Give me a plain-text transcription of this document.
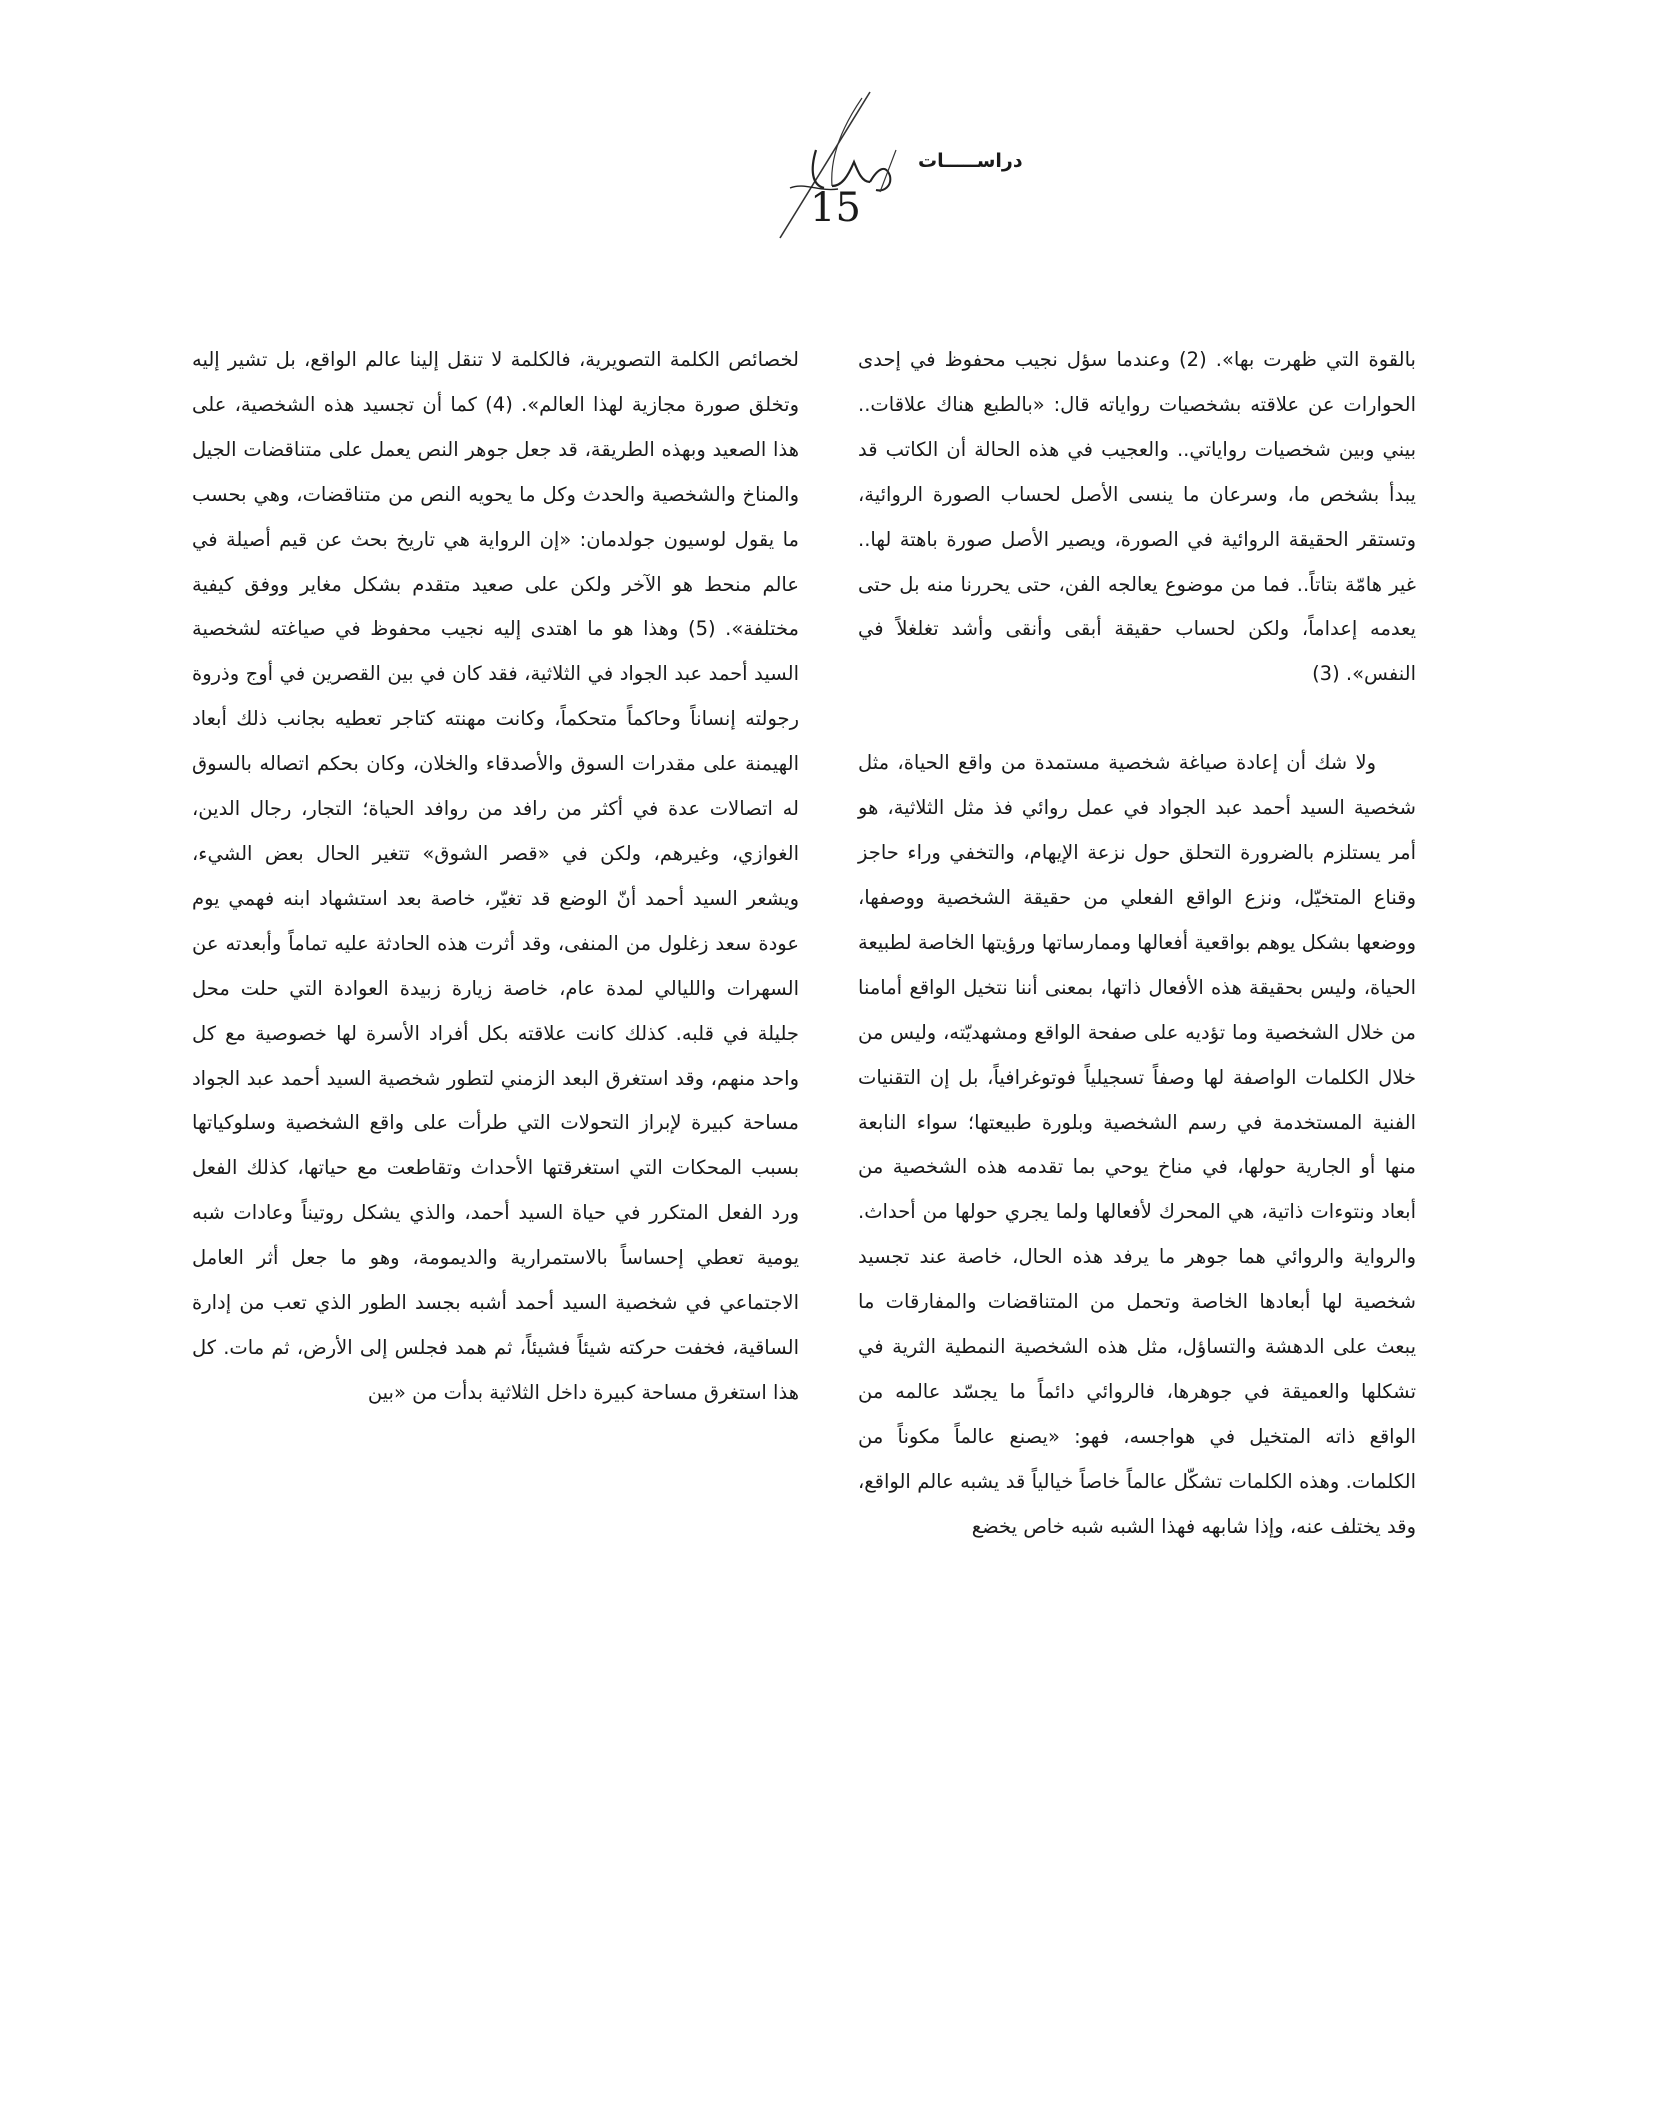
دراســـــات
15

بالقوة التي ظهرت بها». (2) وعندما سؤل نجيب محفوظ في إحدى الحوارات عن علاقته بشخصيات رواياته قال: «بالطبع هناك علاقات.. بيني وبين شخصيات رواياتي.. والعجيب في هذه الحالة أن الكاتب قد يبدأ بشخص ما، وسرعان ما ينسى الأصل لحساب الصورة الروائية، وتستقر الحقيقة الروائية في الصورة، ويصير الأصل صورة باهتة لها.. غير هامّة بتاتاً.. فما من موضوع يعالجه الفن، حتى يحررنا منه بل حتى يعدمه إعداماً، ولكن لحساب حقيقة أبقى وأنقى وأشد تغلغلاً في النفس». (3)

ولا شك أن إعادة صياغة شخصية مستمدة من واقع الحياة، مثل شخصية السيد أحمد عبد الجواد في عمل روائي فذ مثل الثلاثية، هو أمر يستلزم بالضرورة التحلق حول نزعة الإيهام، والتخفي وراء حاجز وقناع المتخيّل، ونزع الواقع الفعلي من حقيقة الشخصية ووصفها، ووضعها بشكل يوهم بواقعية أفعالها وممارساتها ورؤيتها الخاصة لطبيعة الحياة، وليس بحقيقة هذه الأفعال ذاتها، بمعنى أننا نتخيل الواقع أمامنا من خلال الشخصية وما تؤديه على صفحة الواقع ومشهديّته، وليس من خلال الكلمات الواصفة لها وصفاً تسجيلياً فوتوغرافياً، بل إن التقنيات الفنية المستخدمة في رسم الشخصية وبلورة طبيعتها؛ سواء النابعة منها أو الجارية حولها، في مناخ يوحي بما تقدمه هذه الشخصية من أبعاد ونتوءات ذاتية، هي المحرك لأفعالها ولما يجري حولها من أحداث. والرواية والروائي هما جوهر ما يرفد هذه الحال، خاصة عند تجسيد شخصية لها أبعادها الخاصة وتحمل من المتناقضات والمفارقات ما يبعث على الدهشة والتساؤل، مثل هذه الشخصية النمطية الثرية في تشكلها والعميقة في جوهرها، فالروائي دائماً ما يجسّد عالمه من الواقع ذاته المتخيل في هواجسه، فهو: «يصنع عالماً مكوناً من الكلمات. وهذه الكلمات تشكّل عالماً خاصاً خيالياً قد يشبه عالم الواقع، وقد يختلف عنه، وإذا شابهه فهذا الشبه شبه خاص يخضع

لخصائص الكلمة التصويرية، فالكلمة لا تنقل إلينا عالم الواقع، بل تشير إليه وتخلق صورة مجازية لهذا العالم». (4) كما أن تجسيد هذه الشخصية، على هذا الصعيد وبهذه الطريقة، قد جعل جوهر النص يعمل على متناقضات الجيل والمناخ والشخصية والحدث وكل ما يحويه النص من متناقضات، وهي بحسب ما يقول لوسيون جولدمان: «إن الرواية هي تاريخ بحث عن قيم أصيلة في عالم منحط هو الآخر ولكن على صعيد متقدم بشكل مغاير ووفق كيفية مختلفة». (5) وهذا هو ما اهتدى إليه نجيب محفوظ في صياغته لشخصية السيد أحمد عبد الجواد في الثلاثية، فقد كان في بين القصرين في أوج وذروة رجولته إنساناً وحاكماً متحكماً، وكانت مهنته كتاجر تعطيه بجانب ذلك أبعاد الهيمنة على مقدرات السوق والأصدقاء والخلان، وكان بحكم اتصاله بالسوق له اتصالات عدة في أكثر من رافد من روافد الحياة؛ التجار، رجال الدين، الغوازي، وغيرهم، ولكن في «قصر الشوق» تتغير الحال بعض الشيء، ويشعر السيد أحمد أنّ الوضع قد تغيّر، خاصة بعد استشهاد ابنه فهمي يوم عودة سعد زغلول من المنفى، وقد أثرت هذه الحادثة عليه تماماً وأبعدته عن السهرات والليالي لمدة عام، خاصة زيارة زبيدة العوادة التي حلت محل جليلة في قلبه. كذلك كانت علاقته بكل أفراد الأسرة لها خصوصية مع كل واحد منهم، وقد استغرق البعد الزمني لتطور شخصية السيد أحمد عبد الجواد مساحة كبيرة لإبراز التحولات التي طرأت على واقع الشخصية وسلوكياتها بسبب المحكات التي استغرقتها الأحداث وتقاطعت مع حياتها، كذلك الفعل ورد الفعل المتكرر في حياة السيد أحمد، والذي يشكل روتيناً وعادات شبه يومية تعطي إحساساً بالاستمرارية والديمومة، وهو ما جعل أثر العامل الاجتماعي في شخصية السيد أحمد أشبه بجسد الطور الذي تعب من إدارة الساقية، فخفت حركته شيئاً فشيئاً، ثم همد فجلس إلى الأرض، ثم مات. كل هذا استغرق مساحة كبيرة داخل الثلاثية بدأت من «بين
